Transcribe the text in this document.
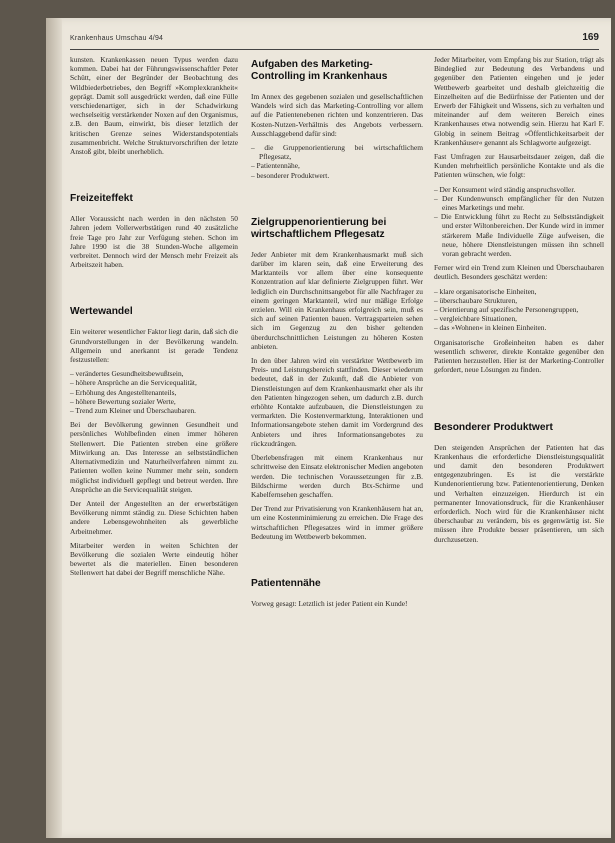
Krankenhaus Umschau 4/94	169

kunsten. Krankenkassen neuen Typus werden dazu kommen. Dabei hat der Führungswissenschaftler Peter Schütt, einer der Begründer der Beobachtung des Wildbiederbetriebes, den Begriff »Komplexkrankheit« geprägt. Damit soll ausgedrückt werden, daß eine Fülle verschiedenartiger, sich in der Schadwirkung wechselseitig verstärkender Noxen auf den Organismus, z.B. den Baum, einwirkt, bis dieser letztlich der kritischen Grenze seines Widerstandspotentials zusammenbricht. Welche Strukturvorschriften der letzte Anstoß gibt, bleibt unerheblich.

Freizeiteffekt

Aller Voraussicht nach werden in den nächsten 50 Jahren jedem Vollerwerbstätigen rund 40 zusätzliche freie Tage pro Jahr zur Verfügung stehen. Schon im Jahre 1990 ist die 38 Stunden-Woche allgemein verbreitet. Dennoch wird der Mensch mehr Freizeit als Arbeitszeit haben.

Wertewandel

Ein weiterer wesentlicher Faktor liegt darin, daß sich die Grundvorstellungen in der Bevölkerung wandeln. Allgemein und anerkannt ist gerade Tendenz festzustellen:

– verändertes Gesundheitsbewußtsein,
– höhere Ansprüche an die Servicequalität,
– Erhöhung des Angestelltenanteils,
– höhere Bewertung sozialer Werte,
– Trend zum Kleiner und Überschaubaren.

Bei der Bevölkerung gewinnen Gesundheit und persönliches Wohlbefinden einen immer höheren Stellenwert. Die Patienten streben eine größere Mitwirkung an. Das Interesse an selbstständlichen Alternativmedizin und Naturheilverfahren nimmt zu. Patienten wollen keine Nummer mehr sein, sondern möglichst individuell gepflegt und betreut werden. Ihre Ansprüche an die Servicequalität steigen.

Der Anteil der Angestellten an der erwerbstätigen Bevölkerung nimmt ständig zu. Diese Schichten haben andere Lebensgewohnheiten als gewerbliche Arbeitnehmer.

Mitarbeiter werden in weiten Schichten der Bevölkerung die sozialen Werte eindeutig höher bewertet als die materiellen. Einen besonderen Stellenwert hat dabei der Begriff menschliche Nähe.

Aufgaben des Marketing-Controlling im Krankenhaus

Im Annex des gegebenen sozialen und gesellschaftlichen Wandels wird sich das Marketing-Controlling vor allem auf die Patientenebenen richten und konzentrieren. Das Kosten-Nutzen-Verhältnis des Angebots verbessern. Ausschlaggebend dafür sind:

– die Gruppenorientierung bei wirtschaftlichem Pflegesatz,
– Patientennähe,
– besonderer Produktwert.
Zielgruppenorientierung bei wirtschaftlichem Pflegesatz

Jeder Anbieter mit dem Krankenhausmarkt muß sich darüber im klaren sein, daß eine Erweiterung des Marktanteils vor allem über eine konsequente Konzentration auf klar definierte Zielgruppen führt. Wer lediglich ein Durchschnittsangebot für alle Nachfrager zu einem geringen Marktanteil, wird nur mäßige Erfolge erzielen. Will ein Krankenhaus erfolgreich sein, muß es sich auf seinen Patienten bauen. Vertragsparteien sehen sich im Gegenzug zu den bisher geltenden überdurchschnittlichen Leistungen zu höheren Kosten anbieten.

In den über Jahren wird ein verstärkter Wettbewerb im Preis- und Leistungsbereich stattfinden. Dieser wiederum bedeutet, daß in der Zukunft, daß die Anbieter von Dienstleistungen auf dem Krankenhausmarkt eher als ihr den Patienten hingezogen sehen, um dadurch z.B. durch erhöhte Kontakte aufzubauen, die Dienstleistungen zu vermarkten. Die Kostenvermarktung, Interaktionen und Informationsangebote stehen damit im Vordergrund des Anbieters und ihres Informationsangebotes zu rückzudrängen.

Überlebensfragen mit einem Krankenhaus nur schrittweise den Einsatz elektronischer Medien angeboten werden. Die technischen Voraussetzungen für z.B. Bildschirme werden durch Btx-Schirme und Kabelfernsehen geschaffen.

Der Trend zur Privatisierung von Krankenhäusern hat an, um eine Kostenminimierung zu erreichen. Die Frage des wirtschaftlichen Pflegesatzes wird in immer größere Bedeutung im Wettbewerb bekommen.

Patientennähe

Vorweg gesagt: Letztlich ist jeder Patient ein Kunde!

Jeder Mitarbeiter, vom Empfang bis zur Station, trägt als Bindeglied zur Bedeutung des Verbandens und gegenüber den Patienten eingehen und je jeder Wettbewerb gearbeitet und deshalb gleichzeitig die Einzelheiten auf die Bedürfnisse der Patienten und der Erwerb der Fähigkeit und Wissens, sich zu verhalten und miteinander auf dem weiteren Bereich eines Krankenhauses etwa notwendig sein. Hierzu hat Karl F. Globig in seinem Beitrag »Öffentlichkeitsarbeit der Krankenhäuser« genannt als Schlagworte aufgezeigt.

Fast Umfragen zur Hausarbeitsdauer zeigen, daß die Kunden mehrheitlich persönliche Kontakte und als die Patienten wünschen, wie folgt:

– Der Konsument wird ständig anspruchsvoller.
– Der Kundenwunsch empfänglicher für den Nutzen eines Marketings und mehr.
– Die Entwicklung führt zu Recht zu Selbstständigkeit und erster Wiltonbereichen. Der Kunde wird in immer stärkerem Maße Individuelle Züge aufweisen, die neue, höhere Dienstleistungen müssen ihn schnell voran gebracht werden.

Ferner wird ein Trend zum Kleinen und Überschaubaren deutlich. Besonders geschätzt werden:

– klare organisatorische Einheiten,
– überschaubare Strukturen,
– Orientierung auf spezifische Personengruppen,
– vergleichbare Situationen,
– das »Wohnen« in kleinen Einheiten.

Organisatorische Großeinheiten haben es daher wesentlich schwerer, direkte Kontakte gegenüber den Patienten herzustellen. Hier ist der Marketing-Controller gefordert, neue Lösungen zu finden.

Besonderer Produktwert

Den steigenden Ansprüchen der Patienten hat das Krankenhaus die erforderliche Dienstleistungsqualität und damit den besonderen Produktwert entgegenzubringen. Es ist die verstärkte Kundenorientierung bzw. Patientenorientierung, Denken und Verhalten einzuzeigen. Hierdurch ist ein permanenter Innovationsdruck, für die Krankenhäuser erforderlich. Noch wird für die Krankenhäuser nicht überschaubar zu verändern, bis es gegenwärtig ist. Sie müssen ihre Produkte besser präsentieren, um sich durchzusetzen.
